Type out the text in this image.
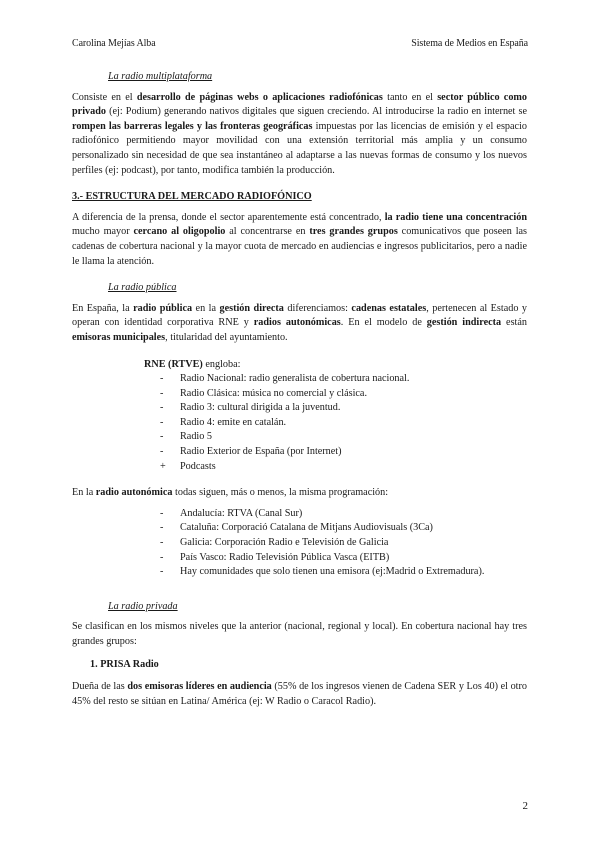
Carolina Mejías Alba	Sistema de Medios en España
La radio multiplataforma

Consiste en el desarrollo de páginas webs o aplicaciones radiofónicas tanto en el sector público como privado (ej: Podium) generando nativos digitales que siguen creciendo. Al introducirse la radio en internet se rompen las barreras legales y las fronteras geográficas impuestas por las licencias de emisión y el espacio radiofónico permitiendo mayor movilidad con una extensión territorial más amplia y un consumo personalizado sin necesidad de que sea instantáneo al adaptarse a las nuevas formas de consumo y los nuevos perfiles (ej: podcast), por tanto, modifica también la producción.

3.- ESTRUCTURA DEL MERCADO RADIOFÓNICO

A diferencia de la prensa, donde el sector aparentemente está concentrado, la radio tiene una concentración mucho mayor cercano al oligopolio al concentrarse en tres grandes grupos comunicativos que poseen las cadenas de cobertura nacional y la mayor cuota de mercado en audiencias e ingresos publicitarios, pero a nadie le llama la atención.

La radio pública

En España, la radio pública en la gestión directa diferenciamos: cadenas estatales, pertenecen al Estado y operan con identidad corporativa RNE y radios autonómicas. En el modelo de gestión indirecta están emisoras municipales, titularidad del ayuntamiento.

RNE (RTVE) engloba:
- Radio Nacional: radio generalista de cobertura nacional.
- Radio Clásica: música no comercial y clásica.
- Radio 3: cultural dirigida a la juventud.
- Radio 4: emite en catalán.
- Radio 5
- Radio Exterior de España (por Internet)
+ Podcasts

En la radio autonómica todas siguen, más o menos, la misma programación:

- Andalucía: RTVA (Canal Sur)
- Cataluña: Corporació Catalana de Mitjans Audiovisuals (3Ca)
- Galicia: Corporación Radio e Televisión de Galicia
- País Vasco: Radio Televisión Pública Vasca (EITB)
- Hay comunidades que solo tienen una emisora (ej:Madrid o Extremadura).
La radio privada

Se clasifican en los mismos niveles que la anterior (nacional, regional y local). En cobertura nacional hay tres grandes grupos:

1. PRISA Radio

Dueña de las dos emisoras líderes en audiencia (55% de los ingresos vienen de Cadena SER y Los 40) el otro 45% del resto se sitúan en Latina/ América (ej: W Radio o Caracol Radio).

2
